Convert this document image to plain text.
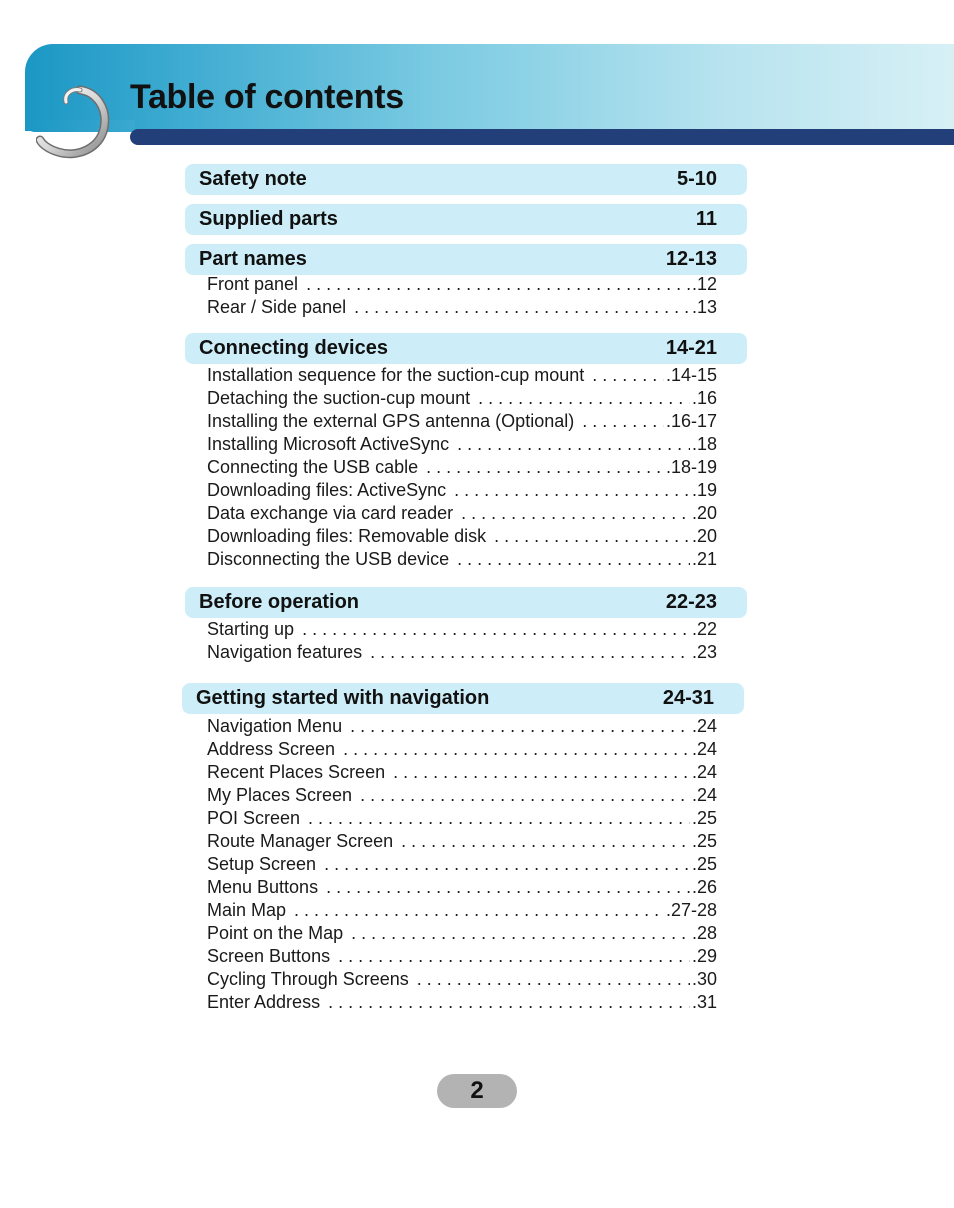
Table of contents
Safety note	5-10
Supplied parts	11
Part names	12-13
Front panel . . .	.12
Rear / Side panel . . .	.13
Connecting devices	14-21
Installation sequence for the suction-cup mount . . .	.14-15
Detaching the suction-cup mount . . .	.16
Installing the external GPS antenna (Optional) . . .	.16-17
Installing Microsoft ActiveSync . . .	.18
Connecting the USB cable . . .	.18-19
Downloading files: ActiveSync . . .	.19
Data exchange via card reader . . .	.20
Downloading files: Removable disk . . .	.20
Disconnecting the USB device . . .	.21
Before operation	22-23
Starting up . . .	.22
Navigation features . . .	.23
Getting started with navigation	24-31
Navigation Menu . . .	.24
Address Screen . . .	.24
Recent Places Screen . . .	.24
My Places Screen . . .	.24
POI Screen . . .	.25
Route Manager Screen . . .	.25
Setup Screen . . .	.25
Menu Buttons . . .	.26
Main Map . . .	.27-28
Point on the Map . . .	.28
Screen Buttons . . .	.29
Cycling Through Screens . . .	.30
Enter Address . . .	.31
2
